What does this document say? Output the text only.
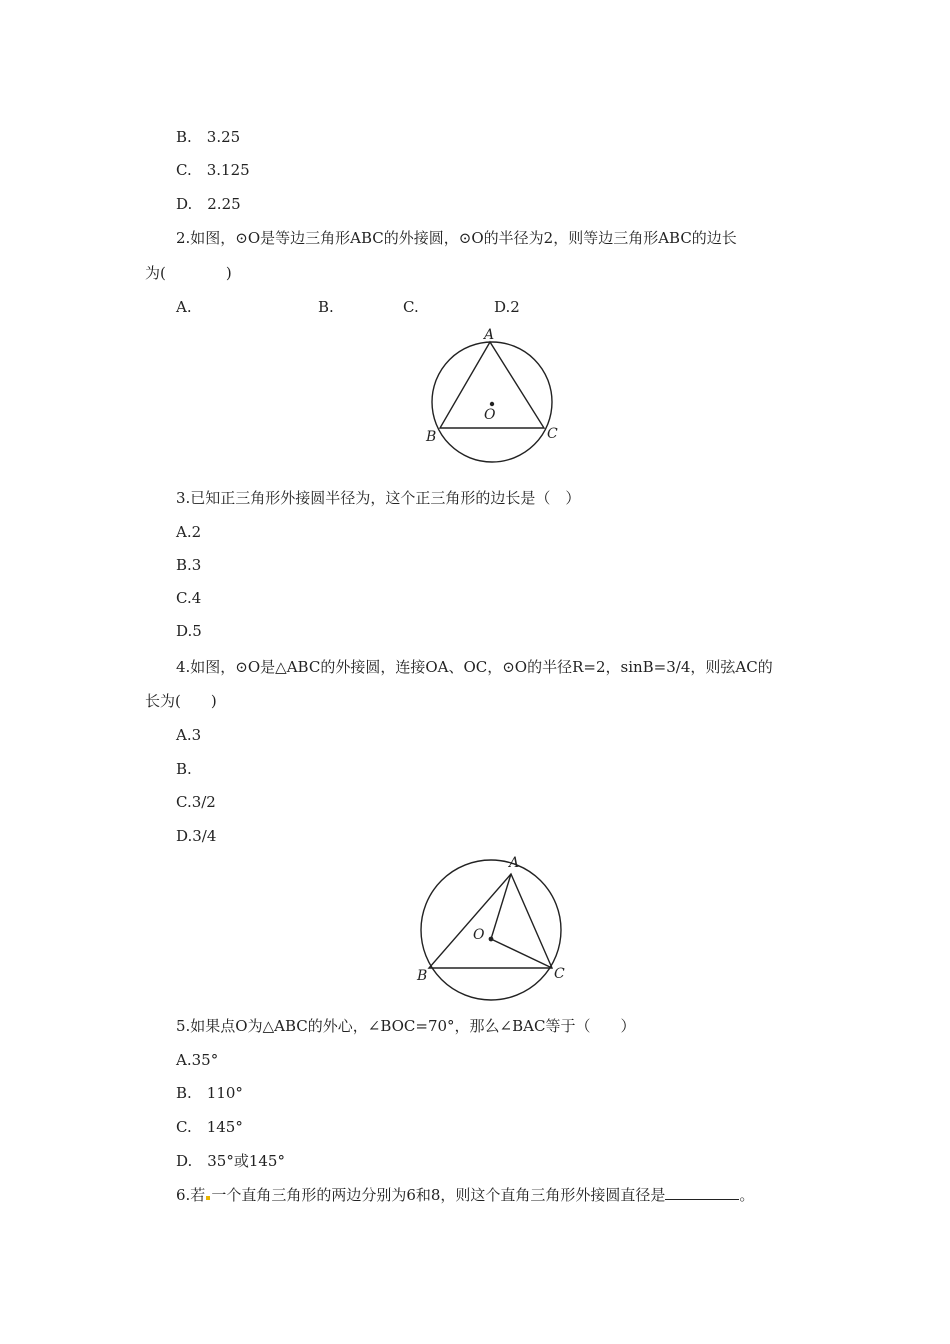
B.　3.25
C.　3.125
D.　2.25
2.如图，⊙O是等边三角形ABC的外接圆，⊙O的半径为2，则等边三角形ABC的边长
为(　　　　)
A.	B.	C.	D.2
A
B	C
O
3.已知正三角形外接圆半径为，这个正三角形的边长是（　）
A.2
B.3
C.4
D.5
4.如图，⊙O是△ABC的外接圆，连接OA、OC，⊙O的半径R=2，sinB=3/4，则弦AC的
长为(　　)
A.3
B.
C.3/2
D.3/4
A
B	C
O
5.如果点O为△ABC的外心，∠BOC=70°，那么∠BAC等于（　　）
A.35°
B.　110°
C.　145°
D.　35°或145°
6.若 一个直角三角形的两边分别为6和8，则这个直角三角形外接圆直径是	。
